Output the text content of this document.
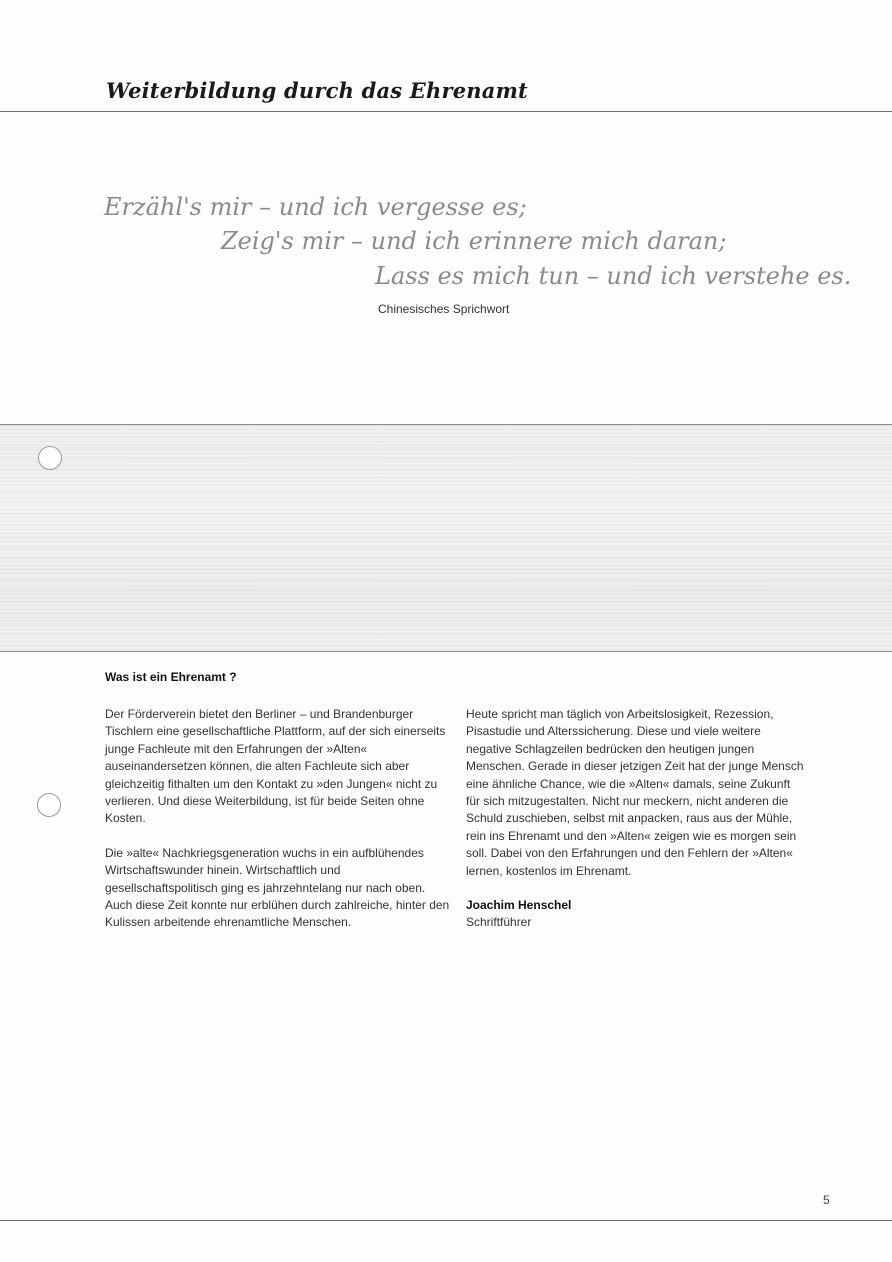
Weiterbildung durch das Ehrenamt
Erzähl's mir – und ich vergesse es;
Zeig's mir – und ich erinnere mich daran;
Lass es mich tun – und ich verstehe es.
Chinesisches Sprichwort
Was ist ein Ehrenamt ?

Der Förderverein bietet den Berliner – und Brandenburger Tischlern eine gesellschaftliche Plattform, auf der sich einerseits junge Fachleute mit den Erfahrungen der »Alten« auseinandersetzen können, die alten Fachleute sich aber gleichzeitig fithalten um den Kontakt zu »den Jungen« nicht zu verlieren. Und diese Weiterbildung, ist für beide Seiten ohne Kosten.

Die »alte« Nachkriegsgeneration wuchs in ein aufblühendes Wirtschaftswunder hinein. Wirtschaftlich und gesellschaftspolitisch ging es jahrzehntelang nur nach oben. Auch diese Zeit konnte nur erblühen durch zahlreiche, hinter den Kulissen arbeitende ehrenamtliche Menschen.

Heute spricht man täglich von Arbeitslosigkeit, Rezession, Pisastudie und Alterssicherung. Diese und viele weitere negative Schlagzeilen bedrücken den heutigen jungen Menschen. Gerade in dieser jetzigen Zeit hat der junge Mensch eine ähnliche Chance, wie die »Alten« damals, seine Zukunft für sich mitzugestalten. Nicht nur meckern, nicht anderen die Schuld zuschieben, selbst mit anpacken, raus aus der Mühle, rein ins Ehrenamt und den »Alten« zeigen wie es morgen sein soll. Dabei von den Erfahrungen und den Fehlern der »Alten« lernen, kostenlos im Ehrenamt.

Joachim Henschel
Schriftführer
5
